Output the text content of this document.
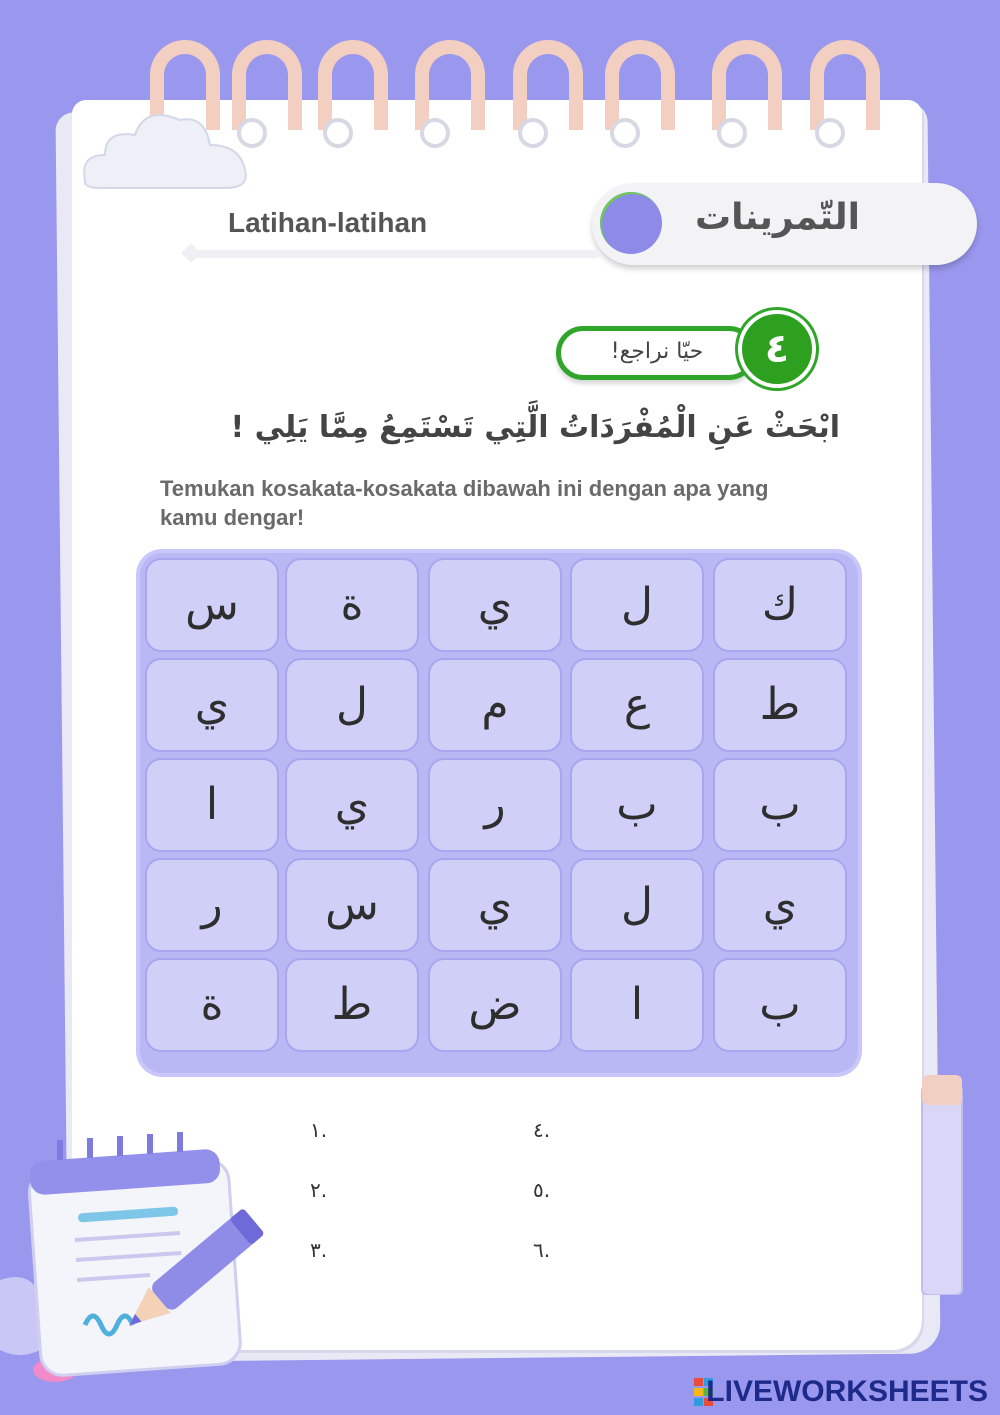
التّمرينات
Latihan-latihan
حيّا نراجع!	٤
ابْحَثْ عَنِ الْمُفْرَدَاتُ الَّتِي تَسْتَمِعُ مِمَّا يَلِي !
Temukan kosakata-kosakata dibawah ini dengan apa yang kamu dengar!
س	ة	ي	ل	ك
ي	ل	م	ع	ط
ا	ي	ر	ب	ب
ر	س	ي	ل	ي
ة	ط	ض	ا	ب
١.
٢.
٣.
٤.
٥.
٦.
LIVEWORKSHEETS
